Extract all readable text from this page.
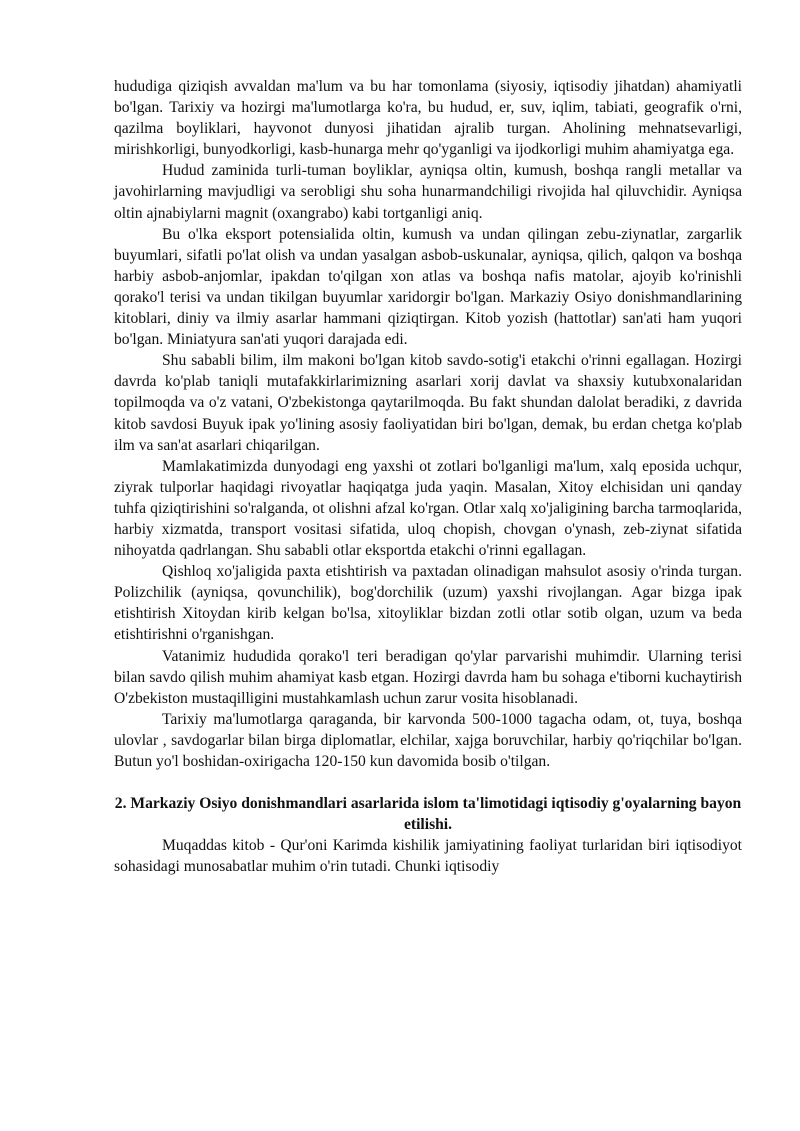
hududiga qiziqish avvaldan ma'lum va bu har tomonlama (siyosiy, iqtisodiy jihatdan) ahamiyatli bo'lgan. Tarixiy va hozirgi ma'lumotlarga ko'ra, bu hudud, er, suv, iqlim, tabiati, geografik o'rni, qazilma boyliklari, hayvonot dunyosi jihatidan ajralib turgan. Aholining mehnatsevarligi, mirishkorligi, bunyodkorligi, kasb-hunarga mehr qo'yganligi va ijodkorligi muhim ahamiyatga ega.

Hudud zaminida turli-tuman boyliklar, ayniqsa oltin, kumush, boshqa rangli metallar va javohirlarning mavjudligi va serobligi shu soha hunarmandchiligi rivojida hal qiluvchidir. Ayniqsa oltin ajnabiylarni magnit (oxangrabo) kabi tortganligi aniq.

Bu o'lka eksport potensialida oltin, kumush va undan qilingan zebu-ziynatlar, zargarlik buyumlari, sifatli po'lat olish va undan yasalgan asbob-uskunalar, ayniqsa, qilich, qalqon va boshqa harbiy asbob-anjomlar, ipakdan to'qilgan xon atlas va boshqa nafis matolar, ajoyib ko'rinishli qorako'l terisi va undan tikilgan buyumlar xaridorgir bo'lgan. Markaziy Osiyo donishmandlarining kitoblari, diniy va ilmiy asarlar hammani qiziqtirgan. Kitob yozish (hattotlar) san'ati ham yuqori bo'lgan. Miniatyura san'ati yuqori darajada edi.

Shu sababli bilim, ilm makoni bo'lgan kitob savdo-sotig'i etakchi o'rinni egallagan. Hozirgi davrda ko'plab taniqli mutafakkirlarimizning asarlari xorij davlat va shaxsiy kutubxonalaridan topilmoqda va o'z vatani, O'zbekistonga qaytarilmoqda. Bu fakt shundan dalolat beradiki, z davrida kitob savdosi Buyuk ipak yo'lining asosiy faoliyatidan biri bo'lgan, demak, bu erdan chetga ko'plab ilm va san'at asarlari chiqarilgan.

Mamlakatimizda dunyodagi eng yaxshi ot zotlari bo'lganligi ma'lum, xalq eposida uchqur, ziyrak tulporlar haqidagi rivoyatlar haqiqatga juda yaqin. Masalan, Xitoy elchisidan uni qanday tuhfa qiziqtirishini so'ralganda, ot olishni afzal ko'rgan. Otlar xalq xo'jaligining barcha tarmoqlarida, harbiy xizmatda, transport vositasi sifatida, uloq chopish, chovgan o'ynash, zeb-ziynat sifatida nihoyatda qadrlangan. Shu sababli otlar eksportda etakchi o'rinni egallagan.

Qishloq xo'jaligida paxta etishtirish va paxtadan olinadigan mahsulot asosiy o'rinda turgan. Polizchilik (ayniqsa, qovunchilik), bog'dorchilik (uzum) yaxshi rivojlangan. Agar bizga ipak etishtirish Xitoydan kirib kelgan bo'lsa, xitoyliklar bizdan zotli otlar sotib olgan, uzum va beda etishtirishni o'rganishgan.

Vatanimiz hududida qorako'l teri beradigan qo'ylar parvarishi muhimdir. Ularning terisi bilan savdo qilish muhim ahamiyat kasb etgan. Hozirgi davrda ham bu sohaga e'tiborni kuchaytirish O'zbekiston mustaqilligini mustahkamlash uchun zarur vosita hisoblanadi.

Tarixiy ma'lumotlarga qaraganda, bir karvonda 500-1000 tagacha odam, ot, tuya, boshqa ulovlar , savdogarlar bilan birga diplomatlar, elchilar, xajga boruvchilar, harbiy qo'riqchilar bo'lgan. Butun yo'l boshidan-oxirigacha 120-150 kun davomida bosib o'tilgan.

2. Markaziy Osiyo donishmandlari asarlarida islom ta'limotidagi iqtisodiy g'oyalarning bayon etilishi.

Muqaddas kitob - Qur'oni Karimda kishilik jamiyatining faoliyat turlaridan biri iqtisodiyot sohasidagi munosabatlar muhim o'rin tutadi. Chunki iqtisodiy
